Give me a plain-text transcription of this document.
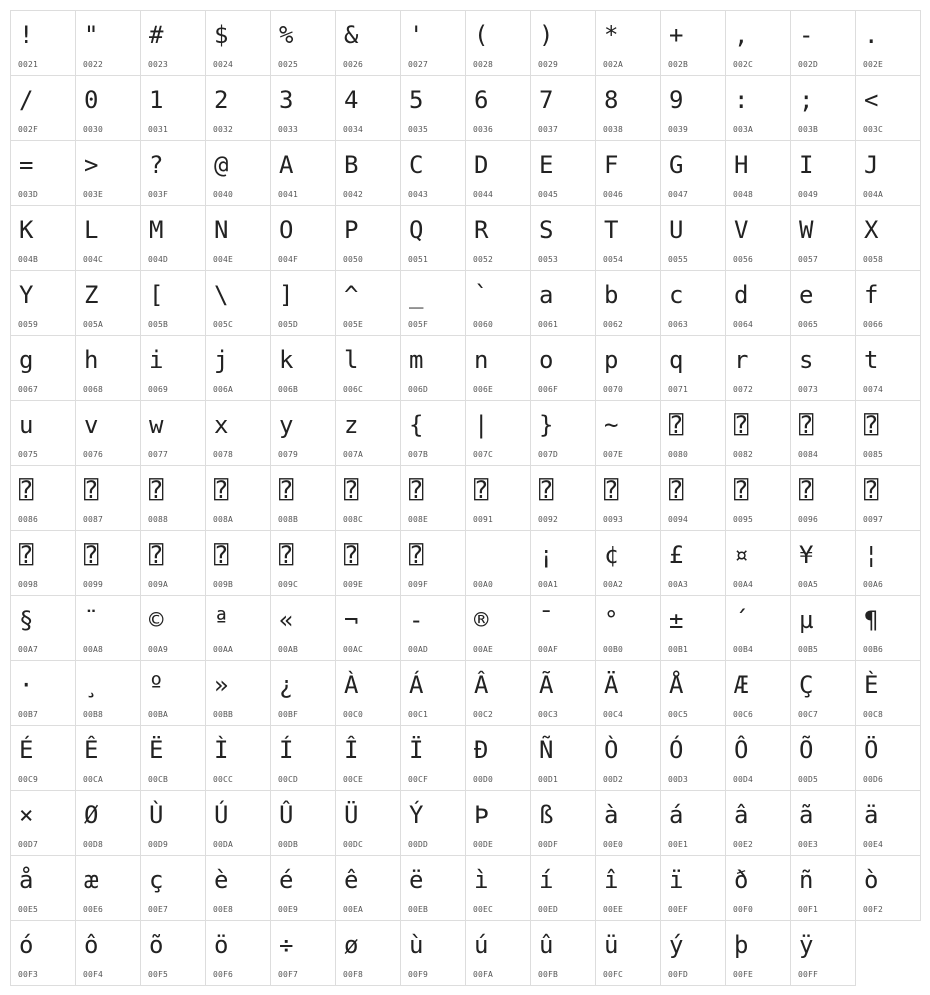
!
0021
"
0022
#
0023
$
0024
%
0025
&
0026
'
0027
(
0028
)
0029
*
002A
+
002B
,
002C
-
002D
.
002E
/
002F
0
0030
1
0031
2
0032
3
0033
4
0034
5
0035
6
0036
7
0037
8
0038
9
0039
:
003A
;
003B
<
003C
=
003D
>
003E
?
003F
@
0040
A
0041
B
0042
C
0043
D
0044
E
0045
F
0046
G
0047
H
0048
I
0049
J
004A
K
004B
L
004C
M
004D
N
004E
O
004F
P
0050
Q
0051
R
0052
S
0053
T
0054
U
0055
V
0056
W
0057
X
0058
Y
0059
Z
005A
[
005B
\
005C
]
005D
^
005E
_
005F
`
0060
a
0061
b
0062
c
0063
d
0064
e
0065
f
0066
g
0067
h
0068
i
0069
j
006A
k
006B
l
006C
m
006D
n
006E
o
006F
p
0070
q
0071
r
0072
s
0073
t
0074
u
0075
v
0076
w
0077
x
0078
y
0079
z
007A
{
007B
|
007C
}
007D
~
007E
⍰
0080
⍰
0082
⍰
0084
⍰
0085
⍰
0086
⍰
0087
⍰
0088
⍰
008A
⍰
008B
⍰
008C
⍰
008E
⍰
0091
⍰
0092
⍰
0093
⍰
0094
⍰
0095
⍰
0096
⍰
0097
⍰
0098
⍰
0099
⍰
009A
⍰
009B
⍰
009C
⍰
009E
⍰
009F	00A0
¡
00A1
¢
00A2
£
00A3
¤
00A4
¥
00A5
¦
00A6
§
00A7
¨
00A8
©
00A9
ª
00AA
«
00AB
¬
00AC
-
00AD
®
00AE
¯
00AF
°
00B0
±
00B1
´
00B4
µ
00B5
¶
00B6
·
00B7
¸
00B8
º
00BA
»
00BB
¿
00BF
À
00C0
Á
00C1
Â
00C2
Ã
00C3
Ä
00C4
Å
00C5
Æ
00C6
Ç
00C7
È
00C8
É
00C9
Ê
00CA
Ë
00CB
Ì
00CC
Í
00CD
Î
00CE
Ï
00CF
Ð
00D0
Ñ
00D1
Ò
00D2
Ó
00D3
Ô
00D4
Õ
00D5
Ö
00D6
×
00D7
Ø
00D8
Ù
00D9
Ú
00DA
Û
00DB
Ü
00DC
Ý
00DD
Þ
00DE
ß
00DF
à
00E0
á
00E1
â
00E2
ã
00E3
ä
00E4
å
00E5
æ
00E6
ç
00E7
è
00E8
é
00E9
ê
00EA
ë
00EB
ì
00EC
í
00ED
î
00EE
ï
00EF
ð
00F0
ñ
00F1
ò
00F2
ó
00F3
ô
00F4
õ
00F5
ö
00F6
÷
00F7
ø
00F8
ù
00F9
ú
00FA
û
00FB
ü
00FC
ý
00FD
þ
00FE
ÿ
00FF
